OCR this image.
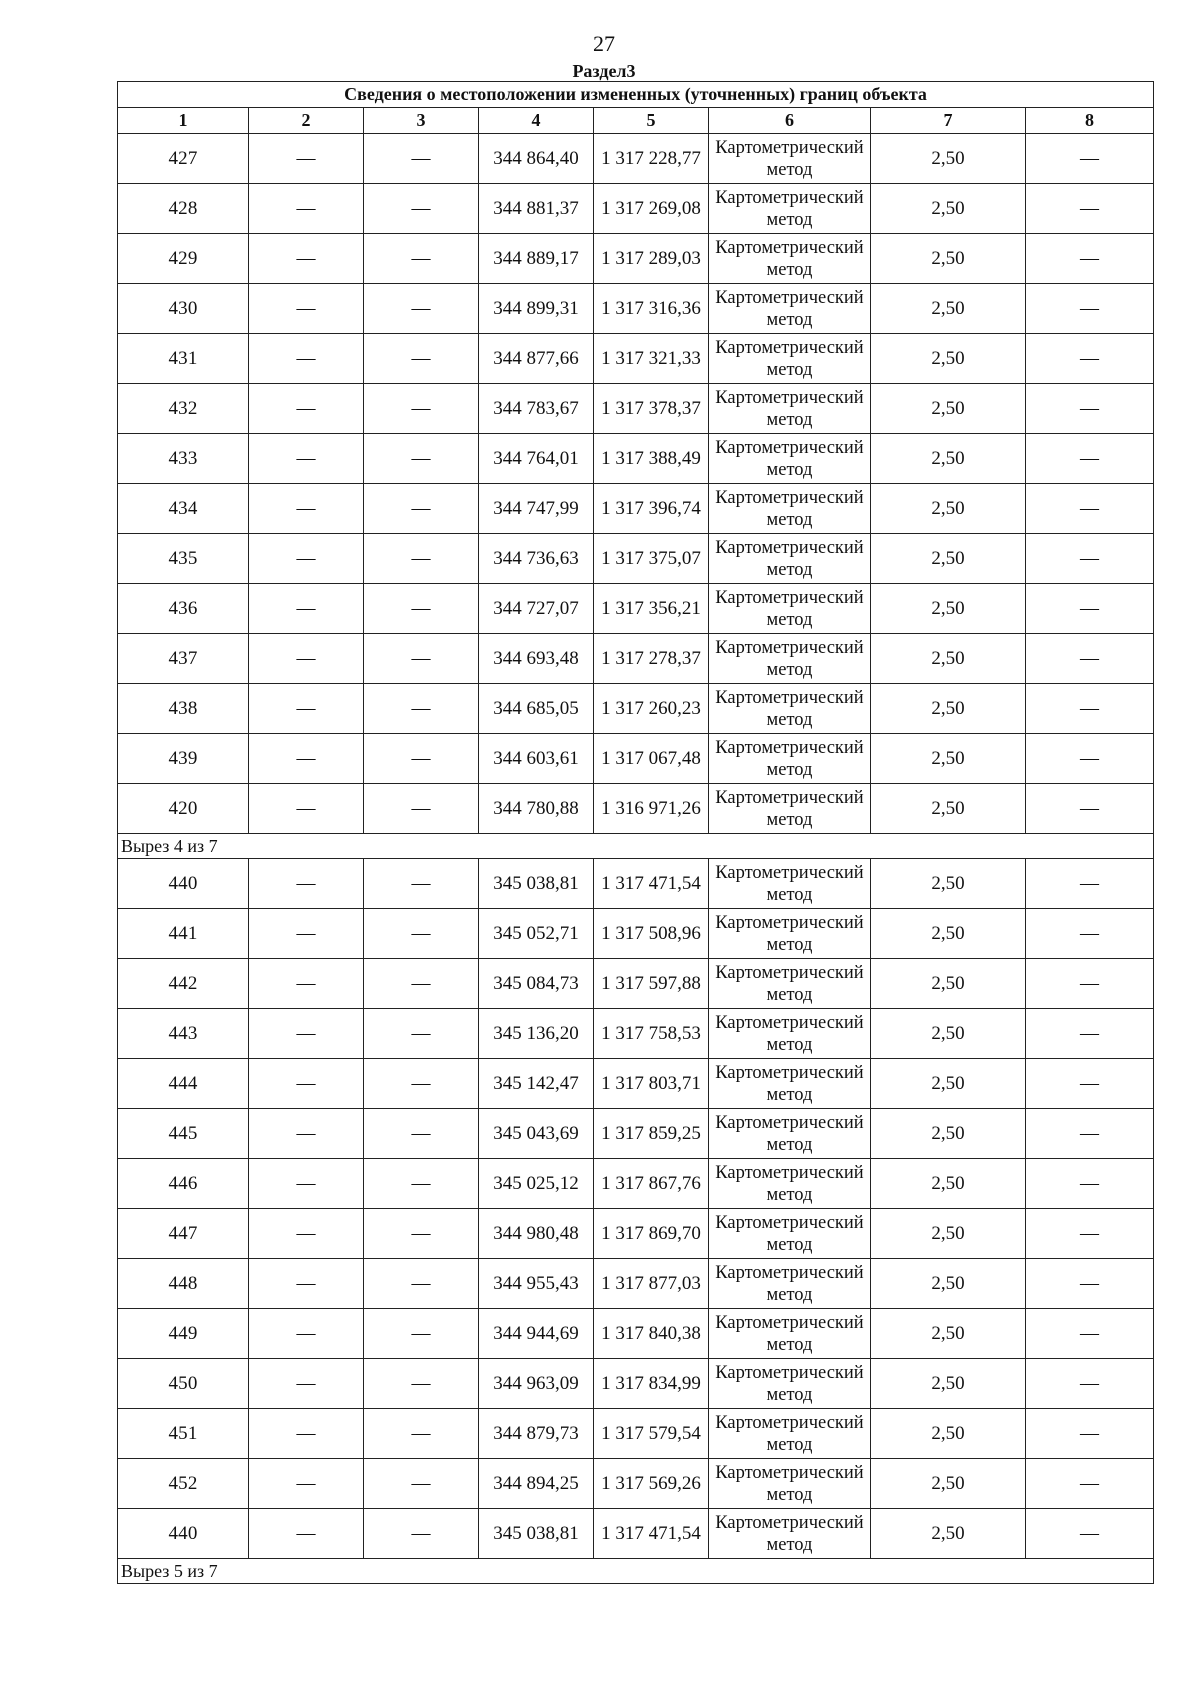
27
Раздел3
Сведения о местоположении измененных (уточненных) границ объекта							
1	2	3	4	5	6	7	8
427	—	—	344 864,40	1 317 228,77	Картометрический метод	2,50	—
428	—	—	344 881,37	1 317 269,08	Картометрический метод	2,50	—
429	—	—	344 889,17	1 317 289,03	Картометрический метод	2,50	—
430	—	—	344 899,31	1 317 316,36	Картометрический метод	2,50	—
431	—	—	344 877,66	1 317 321,33	Картометрический метод	2,50	—
432	—	—	344 783,67	1 317 378,37	Картометрический метод	2,50	—
433	—	—	344 764,01	1 317 388,49	Картометрический метод	2,50	—
434	—	—	344 747,99	1 317 396,74	Картометрический метод	2,50	—
435	—	—	344 736,63	1 317 375,07	Картометрический метод	2,50	—
436	—	—	344 727,07	1 317 356,21	Картометрический метод	2,50	—
437	—	—	344 693,48	1 317 278,37	Картометрический метод	2,50	—
438	—	—	344 685,05	1 317 260,23	Картометрический метод	2,50	—
439	—	—	344 603,61	1 317 067,48	Картометрический метод	2,50	—
420	—	—	344 780,88	1 316 971,26	Картометрический метод	2,50	—
Вырез 4 из 7							
440	—	—	345 038,81	1 317 471,54	Картометрический метод	2,50	—
441	—	—	345 052,71	1 317 508,96	Картометрический метод	2,50	—
442	—	—	345 084,73	1 317 597,88	Картометрический метод	2,50	—
443	—	—	345 136,20	1 317 758,53	Картометрический метод	2,50	—
444	—	—	345 142,47	1 317 803,71	Картометрический метод	2,50	—
445	—	—	345 043,69	1 317 859,25	Картометрический метод	2,50	—
446	—	—	345 025,12	1 317 867,76	Картометрический метод	2,50	—
447	—	—	344 980,48	1 317 869,70	Картометрический метод	2,50	—
448	—	—	344 955,43	1 317 877,03	Картометрический метод	2,50	—
449	—	—	344 944,69	1 317 840,38	Картометрический метод	2,50	—
450	—	—	344 963,09	1 317 834,99	Картометрический метод	2,50	—
451	—	—	344 879,73	1 317 579,54	Картометрический метод	2,50	—
452	—	—	344 894,25	1 317 569,26	Картометрический метод	2,50	—
440	—	—	345 038,81	1 317 471,54	Картометрический метод	2,50	—
Вырез 5 из 7							
